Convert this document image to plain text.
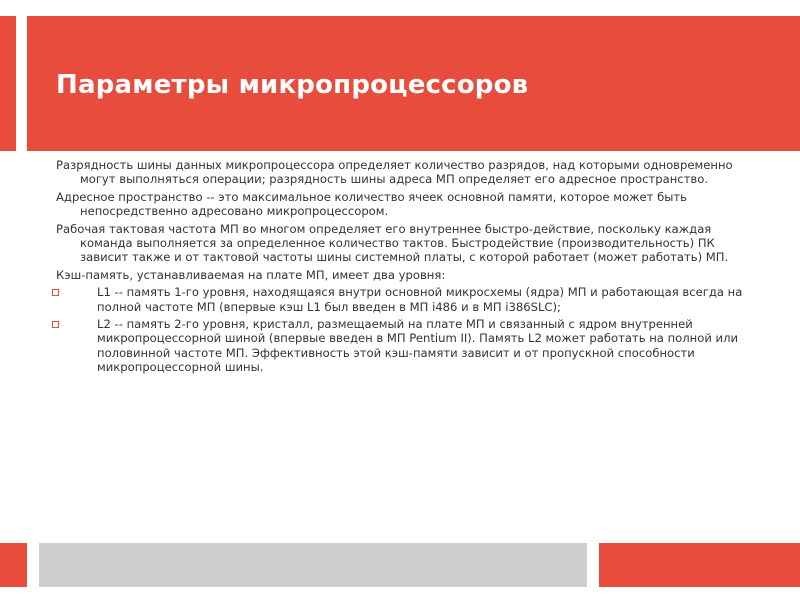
Параметры микропроцессоров

Разрядность шины данных микропроцессора определяет количество разрядов, над которыми одновременно могут выполняться операции; разрядность шины адреса МП определяет его адресное пространство.

Адресное пространство -- это максимальное количество ячеек основной памяти, которое может быть непосредственно адресовано микропроцессором.

Рабочая тактовая частота МП во многом определяет его внутреннее быстро-действие, поскольку каждая команда выполняется за определенное количество тактов. Быстродействие (производительность) ПК зависит также и от тактовой частоты шины системной платы, с которой работает (может работать) МП.

Кэш-память, устанавливаемая на плате МП, имеет два уровня:

L1 -- память 1-го уровня, находящаяся внутри основной микросхемы (ядра) МП и работающая всегда на полной частоте МП (впервые кэш L1 был введен в МП i486 и в МП i386SLC);
L2 -- память 2-го уровня, кристалл, размещаемый на плате МП и связанный с ядром внутренней микропроцессорной шиной (впервые введен в МП Pentium II). Память L2 может работать на полной или половинной частоте МП. Эффективность этой кэш-памяти зависит и от пропускной способности микропроцессорной шины.
